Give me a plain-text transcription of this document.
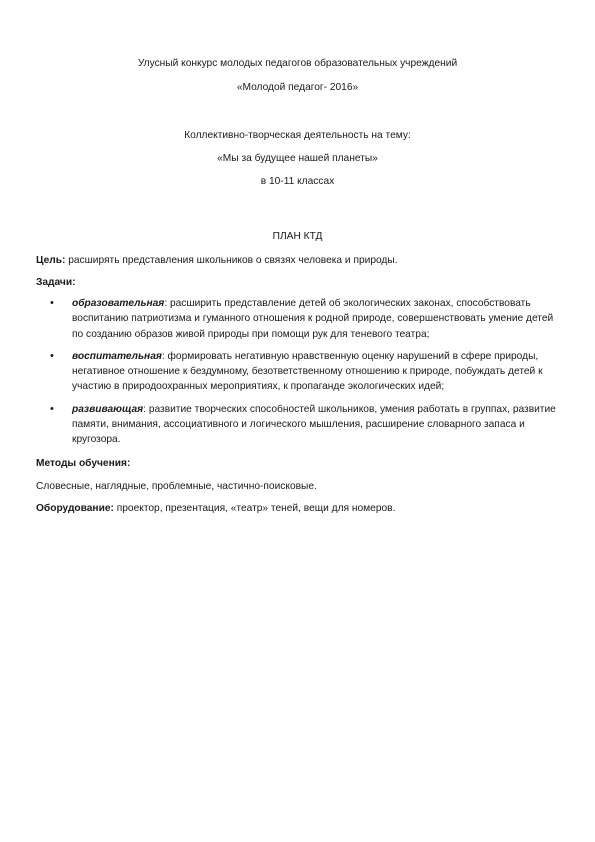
Улусный конкурс молодых педагогов образовательных учреждений
«Молодой педагог- 2016»
Коллективно-творческая деятельность на тему:
«Мы за будущее нашей планеты»
в 10-11 классах
ПЛАН КТД
Цель: расширять представления школьников о связях человека и природы.
Задачи:
• образовательная: расширить представление детей об экологических законах, способствовать воспитанию патриотизма и гуманного отношения к родной природе, совершенствовать умение детей по созданию образов живой природы при помощи рук для теневого театра;
• воспитательная: формировать негативную нравственную оценку нарушений в сфере природы, негативное отношение к бездумному, безответственному отношению к природе, побуждать детей к участию в природоохранных мероприятиях, к пропаганде экологических идей;
• развивающая: развитие творческих способностей школьников, умения работать в группах, развитие памяти, внимания, ассоциативного и логического мышления, расширение словарного запаса и кругозора.
Методы обучения:
Словесные, наглядные, проблемные, частично-поисковые.
Оборудование: проектор, презентация, «театр» теней, вещи для номеров.
